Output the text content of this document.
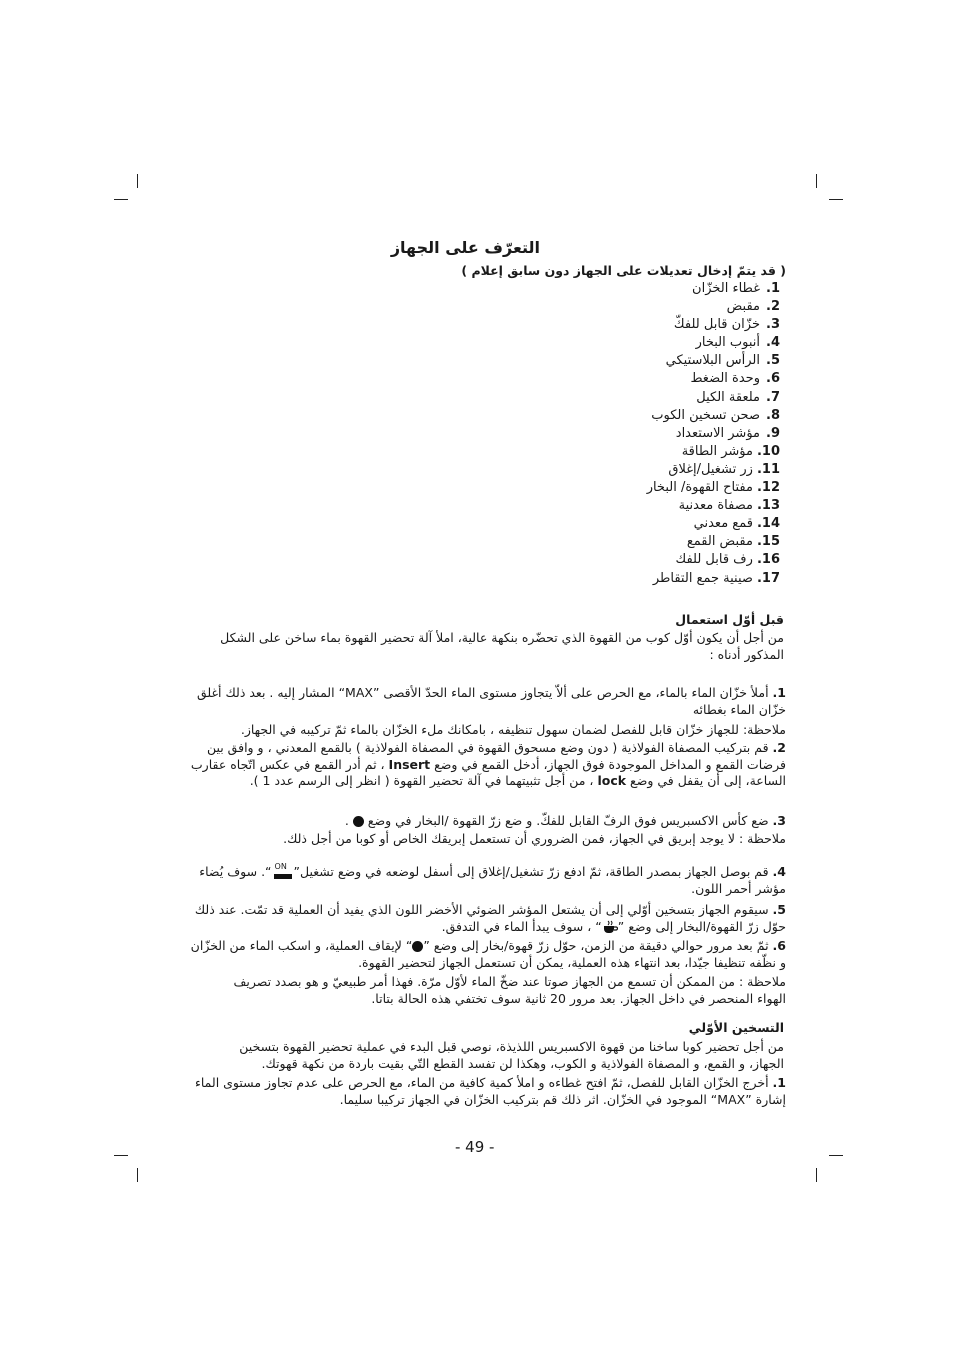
التعرّف على الجهاز
( قد يتمّ إدخال تعديلات على الجهاز دون سابق إعلام )
1.غطاء الخزّان
2.مقبض
3.خزّان قابل للفكّ
4.أنبوب البخار
5.الرأس البلاستيكي
6.وحدة الضغط
7.ملعقة الكيل
8.صحن تسخين الكوب
9.مؤشر الاستعداد
10.مؤشر الطاقة
11.زر تشغيل/إغلاق
12.مفتاح القهوة/ البخار
13.مصفاة معدنية
14.قمع معدني
15.مقبض القمع
16.رف قابل للفك
17.صينية جمع التقاطر
قبل أوّل استعمال
من أجل أن يكون أوّل كوب من القهوة الذي تحضّره بنكهة عالية، املأ آلة تحضير القهوة بماء ساخن على الشكل المذكور أدناه :
1. أملأ خزّان الماء بالماء، مع الحرص على ألاّ يتجاوز مستوى الماء الحدّ الأقصى ”MAX“ المشار إليه . بعد ذلك أغلق خزّان الماء بغطائه
ملاحظة: للجهاز خزّان قابل للفصل لضمان سهول تنظيفه ، بامكانك ملء الخزّان بالماء ثمّ تركيبه في الجهاز.
2. قم بتركيب المصفاة الفولاذية ( دون وضع مسحوق القهوة في المصفاة الفولاذية ) بالقمع المعدني ، و وافق بين فرضات القمع و المداخل الموجودة فوق الجهاز، أدخل القمع في وضع Insert ، ثم أدر القمع في عكس اتّجاه عقارب الساعة، إلى أن يقفل في وضع lock ، من أجل تثبيتهما في آلة تحضير القهوة ( انظر إلى الرسم عدد 1 ).
3. ضع كأس الاكسبريس فوق الرفّ القابل للفكّ. و ضع زرّ القهوة /البخار في وضع  .
ملاحظة : لا يوجد إبريق في الجهاز، فمن الضروري أن تستعمل إبريقك الخاص أو كوبا من أجل ذلك.
4. قم بوصل الجهاز بمصدر الطاقة، ثمّ ادفع زرّ تشغيل/إغلاق إلى أسفل لوضعه في وضع تشغيل”
ON
“. سوف يُضاء مؤشر أحمر اللون.
5. سيقوم الجهاز بتسخين أوّلي إلى أن يشتعل المؤشر الضوئي الأخضر اللون الذي يفيد أن العملية قد تمّت. عند ذلك حوّل زرّ القهوة/البخار إلى وضع ”“ ، سوف يبدأ الماء في التدفق.
6. ثمّ بعد مرور حوالي دقيقة من الزمن، حوّل زرّ قهوة/بخار إلى وضع ”“ لإيقاف العملية، و اسكب الماء من الخزّان و نظّفه تنظيفا جيّدا، بعد انتهاء هذه العملية، يمكن أن تستعمل الجهاز لتحضير القهوة.
ملاحظة : من الممكن أن تسمع من الجهاز صوتا عند ضخّ الماء لأوّل مرّة. فهذا أمر طبيعيّ و هو بصدد تصريف الهواء المنحصر في داخل الجهاز. بعد مرور 20 ثانية سوف تختفي هذه الحالة بتاتا.
التسخين الأوّلي
من أجل تحضير كوبا ساخنا من قهوة الاكسبريس اللذيذة، نوصي قبل البدء في عملية تحضير القهوة بتسخين الجهاز، و القمع، و المصفاة الفولاذية و الكوب، وهكذا لن تفسد القطع التّي بقيت باردة من نكهة قهوتك.
1. أخرج الخزّان القابل للفصل، ثمّ افتح غطاءه و املأ كمية كافية من الماء، مع الحرص على عدم تجاوز مستوى الماء إشارة ”MAX“ الموجود في الخزّان. اثر ذلك قم بتركيب الخزّان في الجهاز تركيبا سليما.
- 49 -
